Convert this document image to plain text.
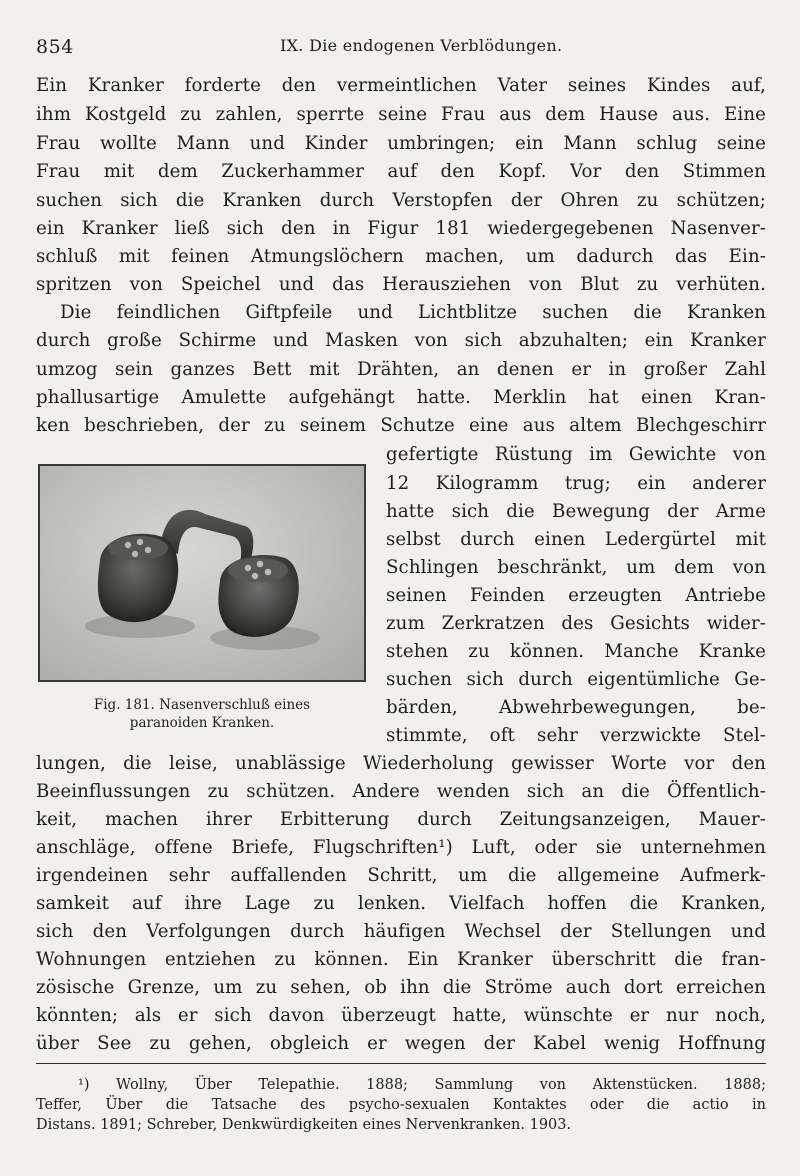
854	IX. Die endogenen Verblödungen.
Ein Kranker forderte den vermeintlichen Vater seines Kindes auf,
ihm Kostgeld zu zahlen, sperrte seine Frau aus dem Hause aus. Eine
Frau wollte Mann und Kinder umbringen; ein Mann schlug seine
Frau mit dem Zuckerhammer auf den Kopf. Vor den Stimmen
suchen sich die Kranken durch Verstopfen der Ohren zu schützen;
ein Kranker ließ sich den in Figur 181 wiedergegebenen Nasenver-
schluß mit feinen Atmungslöchern machen, um dadurch das Ein-
spritzen von Speichel und das Herausziehen von Blut zu verhüten.
Die feindlichen Giftpfeile und Lichtblitze suchen die Kranken
durch große Schirme und Masken von sich abzuhalten; ein Kranker
umzog sein ganzes Bett mit Drähten, an denen er in großer Zahl
phallusartige Amulette aufgehängt hatte. Merklin hat einen Kran-
ken beschrieben, der zu seinem Schutze eine aus altem Blechgeschirr
gefertigte Rüstung im Gewichte von
12 Kilogramm trug; ein anderer
hatte sich die Bewegung der Arme
selbst durch einen Ledergürtel mit
Schlingen beschränkt, um dem von
seinen Feinden erzeugten Antriebe
zum Zerkratzen des Gesichts wider-
stehen zu können. Manche Kranke
suchen sich durch eigentümliche Ge-
bärden, Abwehrbewegungen, be-
stimmte, oft sehr verzwickte Stel-
Fig. 181. Nasenverschluß eines
paranoiden Kranken.
lungen, die leise, unablässige Wiederholung gewisser Worte vor den
Beeinflussungen zu schützen. Andere wenden sich an die Öffentlich-
keit, machen ihrer Erbitterung durch Zeitungsanzeigen, Mauer-
anschläge, offene Briefe, Flugschriften¹) Luft, oder sie unternehmen
irgendeinen sehr auffallenden Schritt, um die allgemeine Aufmerk-
samkeit auf ihre Lage zu lenken. Vielfach hoffen die Kranken,
sich den Verfolgungen durch häufigen Wechsel der Stellungen und
Wohnungen entziehen zu können. Ein Kranker überschritt die fran-
zösische Grenze, um zu sehen, ob ihn die Ströme auch dort erreichen
könnten; als er sich davon überzeugt hatte, wünschte er nur noch,
über See zu gehen, obgleich er wegen der Kabel wenig Hoffnung
¹) Wollny, Über Telepathie. 1888; Sammlung von Aktenstücken. 1888;
Teffer, Über die Tatsache des psycho-sexualen Kontaktes oder die actio in
Distans. 1891; Schreber, Denkwürdigkeiten eines Nervenkranken. 1903.
